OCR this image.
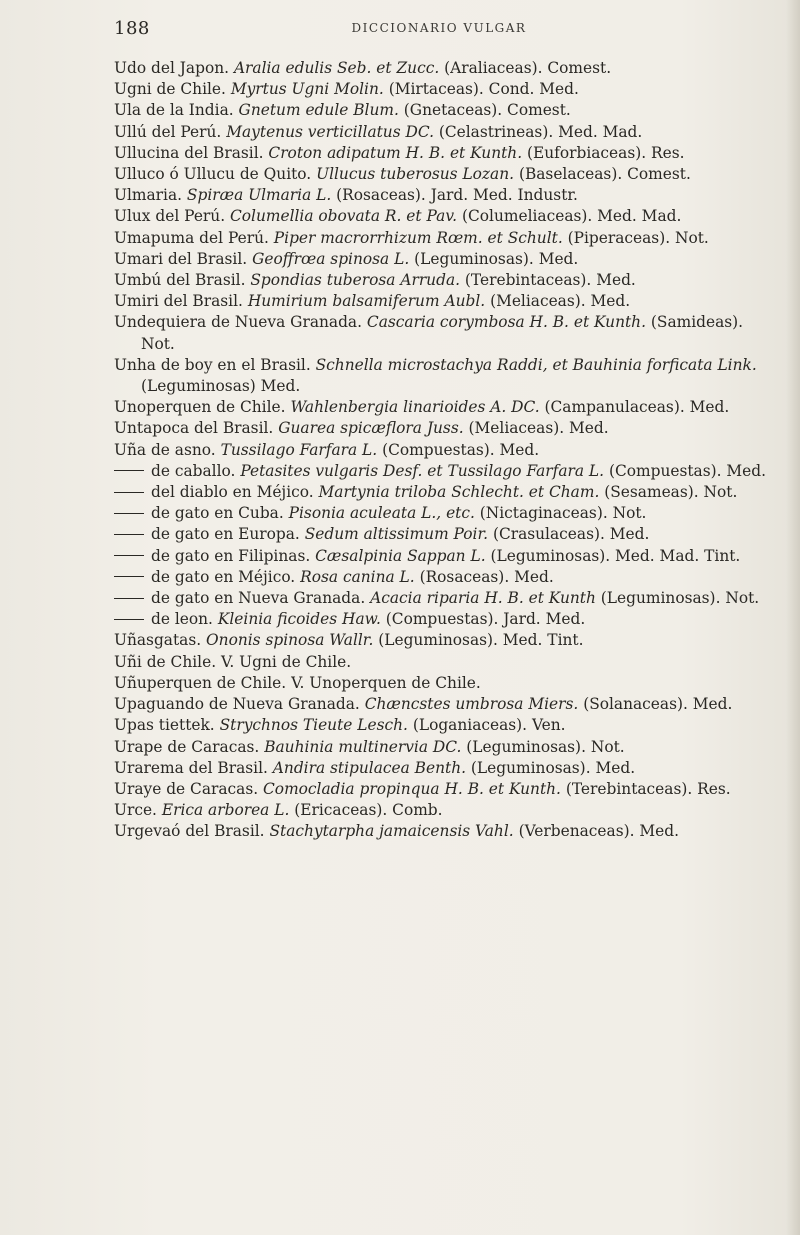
188	DICCIONARIO VULGAR
Udo del Japon. Aralia edulis Seb. et Zucc. (Araliaceas). Comest.
Ugni de Chile. Myrtus Ugni Molin. (Mirtaceas). Cond. Med.
Ula de la India. Gnetum edule Blum. (Gnetaceas). Comest.
Ullú del Perú. Maytenus verticillatus DC. (Celastrineas). Med. Mad.
Ullucina del Brasil. Croton adipatum H. B. et Kunth. (Euforbiaceas). Res.
Ulluco ó Ullucu de Quito. Ullucus tuberosus Lozan. (Baselaceas). Comest.
Ulmaria. Spiræa Ulmaria L. (Rosaceas). Jard. Med. Industr.
Ulux del Perú. Columellia obovata R. et Pav. (Columeliaceas). Med. Mad.
Umapuma del Perú. Piper macrorrhizum Rœm. et Schult. (Piperaceas). Not.
Umari del Brasil. Geoffrœa spinosa L. (Leguminosas). Med.
Umbú del Brasil. Spondias tuberosa Arruda. (Terebintaceas). Med.
Umiri del Brasil. Humirium balsamiferum Aubl. (Meliaceas). Med.
Undequiera de Nueva Granada. Cascaria corymbosa H. B. et Kunth. (Samideas). Not.
Unha de boy en el Brasil. Schnella microstachya Raddi, et Bauhinia forficata Link. (Leguminosas) Med.
Unoperquen de Chile. Wahlenbergia linarioides A. DC. (Campanulaceas). Med.
Untapoca del Brasil. Guarea spicæflora Juss. (Meliaceas). Med.
Uña de asno. Tussilago Farfara L. (Compuestas). Med.
de caballo. Petasites vulgaris Desf. et Tussilago Farfara L. (Compuestas). Med.
del diablo en Méjico. Martynia triloba Schlecht. et Cham. (Sesameas). Not.
de gato en Cuba. Pisonia aculeata L., etc. (Nictaginaceas). Not.
de gato en Europa. Sedum altissimum Poir. (Crasulaceas). Med.
de gato en Filipinas. Cæsalpinia Sappan L. (Leguminosas). Med. Mad. Tint.
de gato en Méjico. Rosa canina L. (Rosaceas). Med.
de gato en Nueva Granada. Acacia riparia H. B. et Kunth (Leguminosas). Not.
de leon. Kleinia ficoides Haw. (Compuestas). Jard. Med.
Uñasgatas. Ononis spinosa Wallr. (Leguminosas). Med. Tint.
Uñi de Chile. V. Ugni de Chile.
Uñuperquen de Chile. V. Unoperquen de Chile.
Upaguando de Nueva Granada. Chæncstes umbrosa Miers. (Solanaceas). Med.
Upas tiettek. Strychnos Tieute Lesch. (Loganiaceas). Ven.
Urape de Caracas. Bauhinia multinervia DC. (Leguminosas). Not.
Urarema del Brasil. Andira stipulacea Benth. (Leguminosas). Med.
Uraye de Caracas. Comocladia propinqua H. B. et Kunth. (Terebintaceas). Res.
Urce. Erica arborea L. (Ericaceas). Comb.
Urgevaó del Brasil. Stachytarpha jamaicensis Vahl. (Verbenaceas). Med.
